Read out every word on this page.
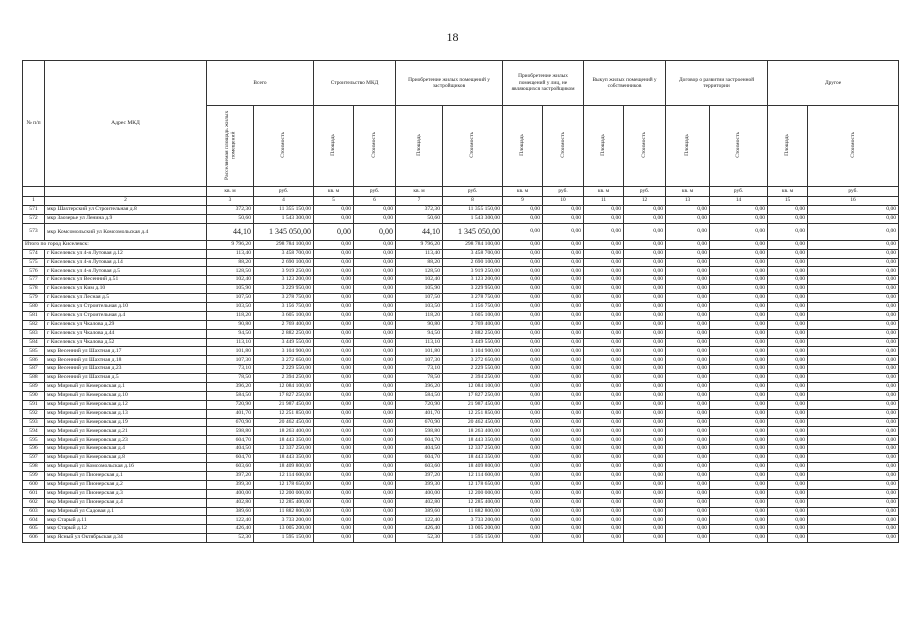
18
№ п/п	Адрес МКД	Всего		Строительство МКД		Приобретение жилых помещений у застройщиков		Приобретение жилых помещений у лиц, не являющихся застройщиком		Выкуп жилых помещений у собственников		Договор о развитии застроенной территории		Другое	
		Расселяемая площадь жилых помещений	Стоимость	Площадь	Стоимость	Площадь	Стоимость	Площадь	Стоимость	Площадь	Стоимость	Площадь	Стоимость	Площадь	Стоимость
		кв. м	руб.	кв. м	руб.	кв. м	руб.	кв. м	руб.	кв. м	руб.	кв. м	руб.	кв. м	руб.
1	2	3	4	5	6	7	8	9	10	11	12	13	14	15	16
571	мкр Шахтерский ул Строительная д.8	372,30	11 355 150,00	0,00	0,00	372,30	11 355 150,00	0,00	0,00	0,00	0,00	0,00	0,00	0,00	0,00
572	мкр Заозерье ул Ленина д.9	50,60	1 543 300,00	0,00	0,00	50,60	1 543 300,00	0,00	0,00	0,00	0,00	0,00	0,00	0,00	0,00
573	мкр Комсомольский ул Комсомольская д.4	44,10	1 345 050,00	0,00	0,00	44,10	1 345 050,00	0,00	0,00	0,00	0,00	0,00	0,00	0,00	0,00
Итого по город Киселевск:		9 796,20	298 784 100,00	0,00	0,00	9 796,20	298 784 100,00	0,00	0,00	0,00	0,00	0,00	0,00	0,00	0,00
574	г Киселевск ул 4-я Лутовая д.12	113,40	3 458 700,00	0,00	0,00	113,40	3 458 700,00	0,00	0,00	0,00	0,00	0,00	0,00	0,00	0,00
575	г Киселевск ул 4-я Лутовая д.14	88,20	2 690 100,00	0,00	0,00	88,20	2 690 100,00	0,00	0,00	0,00	0,00	0,00	0,00	0,00	0,00
576	г Киселевск ул 4-я Лутовая д.5	128,50	3 919 250,00	0,00	0,00	128,50	3 919 250,00	0,00	0,00	0,00	0,00	0,00	0,00	0,00	0,00
577	г Киселевск ул Весенний д.51	102,40	3 123 200,00	0,00	0,00	102,40	3 123 200,00	0,00	0,00	0,00	0,00	0,00	0,00	0,00	0,00
578	г Киселевск ул Ким д.10	105,90	3 229 950,00	0,00	0,00	105,90	3 229 950,00	0,00	0,00	0,00	0,00	0,00	0,00	0,00	0,00
579	г Киселевск ул Лесная д.5	107,50	3 278 750,00	0,00	0,00	107,50	3 278 750,00	0,00	0,00	0,00	0,00	0,00	0,00	0,00	0,00
580	г Киселевск ул Строительная д.10	103,50	3 156 750,00	0,00	0,00	103,50	3 156 750,00	0,00	0,00	0,00	0,00	0,00	0,00	0,00	0,00
581	г Киселевск ул Строительная д.4	118,20	3 605 100,00	0,00	0,00	118,20	3 605 100,00	0,00	0,00	0,00	0,00	0,00	0,00	0,00	0,00
582	г Киселевск ул Чкалова д.29	90,80	2 769 400,00	0,00	0,00	90,80	2 769 400,00	0,00	0,00	0,00	0,00	0,00	0,00	0,00	0,00
583	г Киселевск ул Чкалова д.44	94,50	2 882 250,00	0,00	0,00	94,50	2 882 250,00	0,00	0,00	0,00	0,00	0,00	0,00	0,00	0,00
584	г Киселевск ул Чкалова д.52	113,10	3 449 550,00	0,00	0,00	113,10	3 449 550,00	0,00	0,00	0,00	0,00	0,00	0,00	0,00	0,00
585	мкр Весенний ул Шахтная д.17	101,80	3 104 900,00	0,00	0,00	101,80	3 104 900,00	0,00	0,00	0,00	0,00	0,00	0,00	0,00	0,00
586	мкр Весенний ул Шахтная д.18	107,30	3 272 650,00	0,00	0,00	107,30	3 272 650,00	0,00	0,00	0,00	0,00	0,00	0,00	0,00	0,00
587	мкр Весенний ул Шахтная д.23	73,10	2 229 550,00	0,00	0,00	73,10	2 229 550,00	0,00	0,00	0,00	0,00	0,00	0,00	0,00	0,00
588	мкр Весенний ул Шахтная д.5	78,50	2 394 250,00	0,00	0,00	78,50	2 394 250,00	0,00	0,00	0,00	0,00	0,00	0,00	0,00	0,00
589	мкр Мирный ул Кемеровская д.1	396,20	12 084 100,00	0,00	0,00	396,20	12 084 100,00	0,00	0,00	0,00	0,00	0,00	0,00	0,00	0,00
590	мкр Мирный ул Кемеровская д.10	584,50	17 827 250,00	0,00	0,00	584,50	17 827 250,00	0,00	0,00	0,00	0,00	0,00	0,00	0,00	0,00
591	мкр Мирный ул Кемеровская д.12	720,90	21 987 450,00	0,00	0,00	720,90	21 987 450,00	0,00	0,00	0,00	0,00	0,00	0,00	0,00	0,00
592	мкр Мирный ул Кемеровская д.13	401,70	12 251 850,00	0,00	0,00	401,70	12 251 850,00	0,00	0,00	0,00	0,00	0,00	0,00	0,00	0,00
593	мкр Мирный ул Кемеровская д.19	670,90	20 462 450,00	0,00	0,00	670,90	20 462 450,00	0,00	0,00	0,00	0,00	0,00	0,00	0,00	0,00
594	мкр Мирный ул Кемеровская д.21	598,80	18 263 400,00	0,00	0,00	598,80	18 263 400,00	0,00	0,00	0,00	0,00	0,00	0,00	0,00	0,00
595	мкр Мирный ул Кемеровская д.23	604,70	18 443 350,00	0,00	0,00	604,70	18 443 350,00	0,00	0,00	0,00	0,00	0,00	0,00	0,00	0,00
596	мкр Мирный ул Кемеровская д.4	404,50	12 337 250,00	0,00	0,00	404,50	12 337 250,00	0,00	0,00	0,00	0,00	0,00	0,00	0,00	0,00
597	мкр Мирный ул Кемеровская д.8	604,70	18 443 350,00	0,00	0,00	604,70	18 443 350,00	0,00	0,00	0,00	0,00	0,00	0,00	0,00	0,00
598	мкр Мирный ул Комсомольская д.16	603,60	18 409 800,00	0,00	0,00	603,60	18 409 800,00	0,00	0,00	0,00	0,00	0,00	0,00	0,00	0,00
599	мкр Мирный ул Пионерская д.1	397,20	12 114 600,00	0,00	0,00	397,20	12 114 600,00	0,00	0,00	0,00	0,00	0,00	0,00	0,00	0,00
600	мкр Мирный ул Пионерская д.2	399,30	12 178 650,00	0,00	0,00	399,30	12 178 650,00	0,00	0,00	0,00	0,00	0,00	0,00	0,00	0,00
601	мкр Мирный ул Пионерская д.3	400,00	12 200 000,00	0,00	0,00	400,00	12 200 000,00	0,00	0,00	0,00	0,00	0,00	0,00	0,00	0,00
602	мкр Мирный ул Пионерская д.4	402,80	12 285 400,00	0,00	0,00	402,80	12 285 400,00	0,00	0,00	0,00	0,00	0,00	0,00	0,00	0,00
603	мкр Мирный ул Садовая д.1	389,60	11 882 800,00	0,00	0,00	389,60	11 882 800,00	0,00	0,00	0,00	0,00	0,00	0,00	0,00	0,00
604	мкр Старый д.11	122,40	3 733 200,00	0,00	0,00	122,40	3 733 200,00	0,00	0,00	0,00	0,00	0,00	0,00	0,00	0,00
605	мкр Старый д.12	426,40	13 005 200,00	0,00	0,00	426,40	13 005 200,00	0,00	0,00	0,00	0,00	0,00	0,00	0,00	0,00
606	мкр Ясный ул Октябрьская д.34	52,30	1 595 150,00	0,00	0,00	52,30	1 595 150,00	0,00	0,00	0,00	0,00	0,00	0,00	0,00	0,00
